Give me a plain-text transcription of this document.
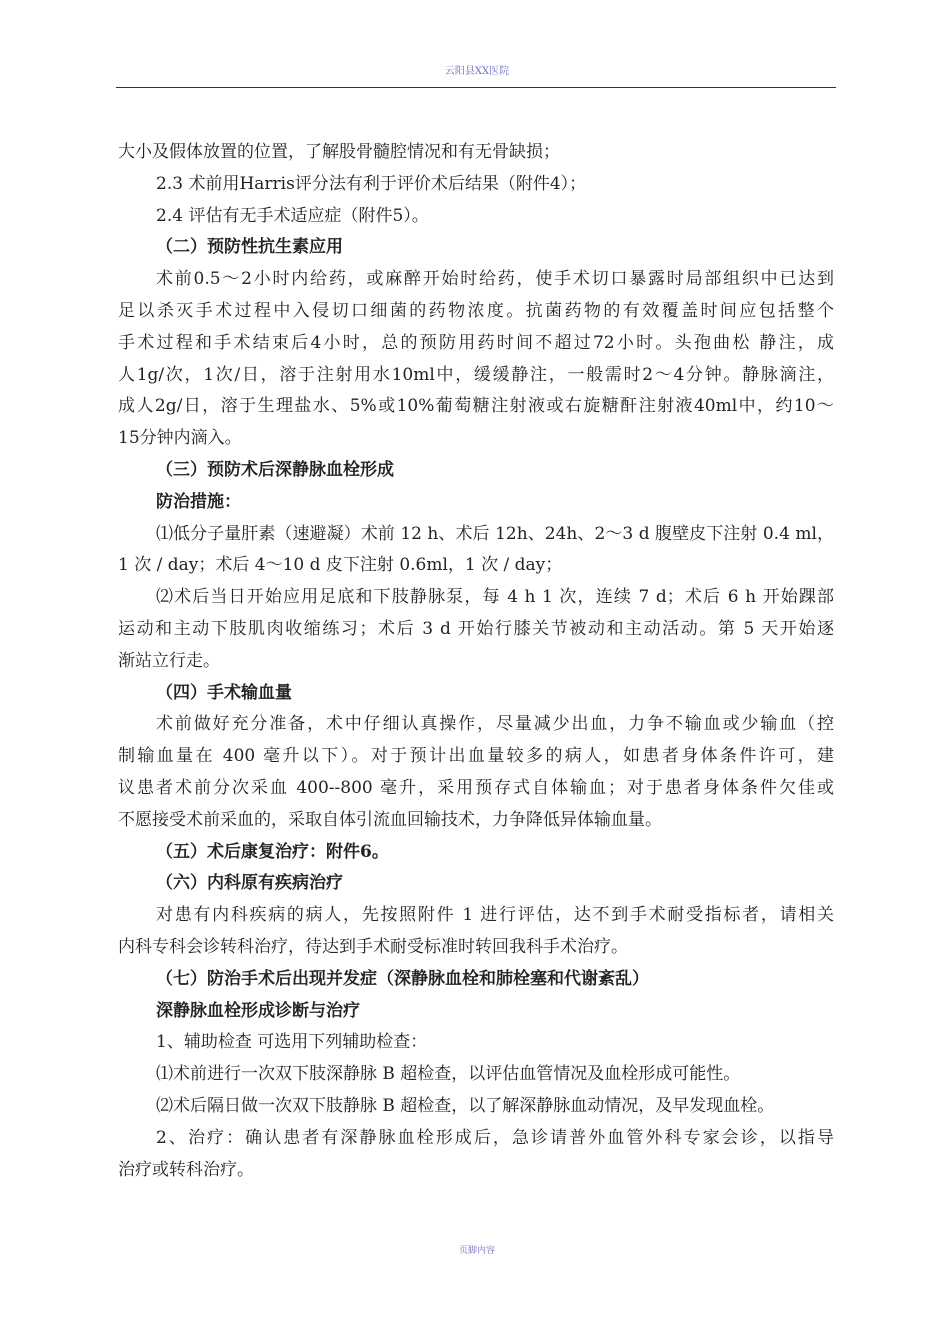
云阳县XX医院
大小及假体放置的位置，了解股骨髓腔情况和有无骨缺损；
2.3 术前用Harris评分法有利于评价术后结果（附件4）；
2.4 评估有无手术适应症（附件5）。
（二）预防性抗生素应用
术前0.5～2小时内给药，或麻醉开始时给药，使手术切口暴露时局部组织中已达到
足以杀灭手术过程中入侵切口细菌的药物浓度。抗菌药物的有效覆盖时间应包括整个
手术过程和手术结束后4小时，总的预防用药时间不超过72小时。头孢曲松 静注，成
人1g/次，1次/日，溶于注射用水10ml中，缓缓静注，一般需时2～4分钟。静脉滴注，
成人2g/日，溶于生理盐水、5%或10%葡萄糖注射液或右旋糖酐注射液40ml中，约10～
15分钟内滴入。
（三）预防术后深静脉血栓形成
防治措施：
⑴低分子量肝素（速避凝）术前 12 h、术后 12h、24h、2～3 d 腹壁皮下注射 0.4 ml，
1 次 / day；术后 4～10 d 皮下注射 0.6ml，1 次 / day；
⑵术后当日开始应用足底和下肢静脉泵，每 4 h 1 次，连续 7 d；术后 6 h 开始踝部
运动和主动下肢肌肉收缩练习；术后 3 d 开始行膝关节被动和主动活动。第 5 天开始逐
渐站立行走。
（四）手术输血量
术前做好充分准备，术中仔细认真操作，尽量减少出血，力争不输血或少输血（控
制输血量在 400 毫升以下）。对于预计出血量较多的病人，如患者身体条件许可，建
议患者术前分次采血 400--800 毫升，采用预存式自体输血；对于患者身体条件欠佳或
不愿接受术前采血的，采取自体引流血回输技术，力争降低异体输血量。
（五）术后康复治疗：附件6。
（六）内科原有疾病治疗
对患有内科疾病的病人，先按照附件 1 进行评估，达不到手术耐受指标者，请相关
内科专科会诊转科治疗，待达到手术耐受标准时转回我科手术治疗。
（七）防治手术后出现并发症（深静脉血栓和肺栓塞和代谢紊乱）
深静脉血栓形成诊断与治疗
1、辅助检查 可选用下列辅助检查：
⑴术前进行一次双下肢深静脉 B 超检查，以评估血管情况及血栓形成可能性。
⑵术后隔日做一次双下肢静脉 B 超检查，以了解深静脉血动情况，及早发现血栓。
2、治疗：确认患者有深静脉血栓形成后，急诊请普外血管外科专家会诊，以指导
治疗或转科治疗。
页脚内容
